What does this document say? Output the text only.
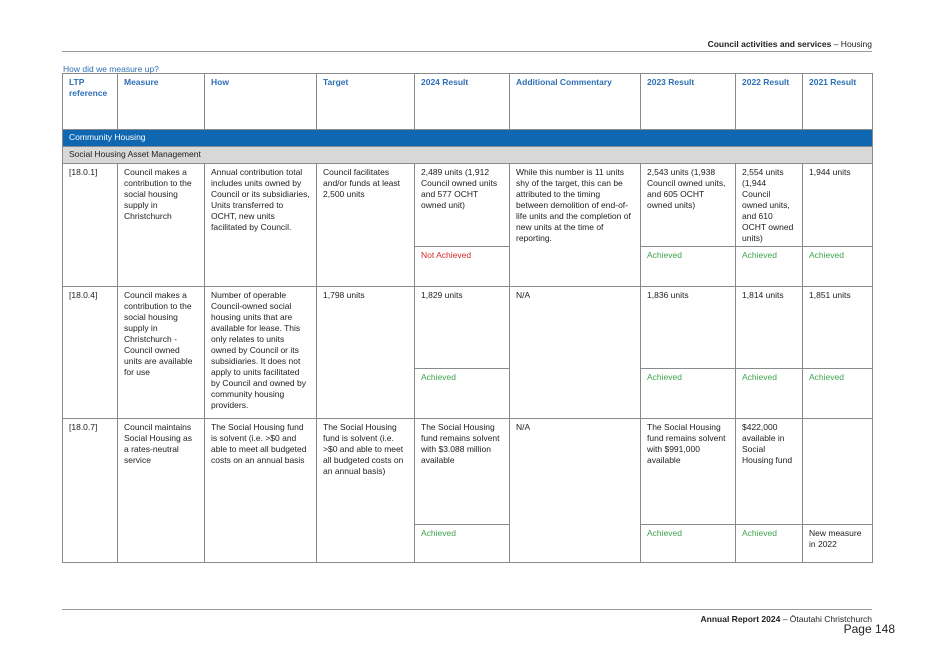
Council activities and services – Housing
How did we measure up?
LTP reference	Measure	How	Target	2024 Result	Additional Commentary	2023 Result	2022 Result	2021 Result
Community Housing								
Social Housing Asset Management								
[18.0.1]	Council makes a contribution to the social housing supply in Christchurch	Annual contribution total includes units owned by Council or its subsidiaries, Units transferred to OCHT, new units facilitated by Council.	Council facilitates and/or funds at least 2,500 units	2,489 units (1,912 Council owned units and 577 OCHT owned unit)	While this number is 11 units shy of the target, this can be attributed to the timing between demolition of end-of-life units and the completion of new units at the time of reporting.	2,543 units (1,938 Council owned units, and 605 OCHT owned units)	2,554 units (1,944 Council owned units, and 610 OCHT owned units)	1,944 units
				Not Achieved		Achieved	Achieved	Achieved
[18.0.4]	Council makes a contribution to the social housing supply in Christchurch - Council owned units are available for use	Number of operable Council-owned social housing units that are available for lease. This only relates to units owned by Council or its subsidiaries. It does not apply to units facilitated by Council and owned by community housing providers.	1,798 units	1,829 units	N/A	1,836 units	1,814 units	1,851 units
				Achieved		Achieved	Achieved	Achieved
[18.0.7]	Council maintains Social Housing as a rates-neutral service	The Social Housing fund is solvent (i.e. >$0 and able to meet all budgeted costs on an annual basis	The Social Housing fund is solvent (i.e. >$0 and able to meet all budgeted costs on an annual basis)	The Social Housing fund remains solvent with $3.088 million available	N/A	The Social Housing fund remains solvent with $991,000 available	$422,000 available in Social Housing fund	
				Achieved		Achieved	Achieved	New measure in 2022
Annual Report 2024 – Ōtautahi Christchurch
Page 148
